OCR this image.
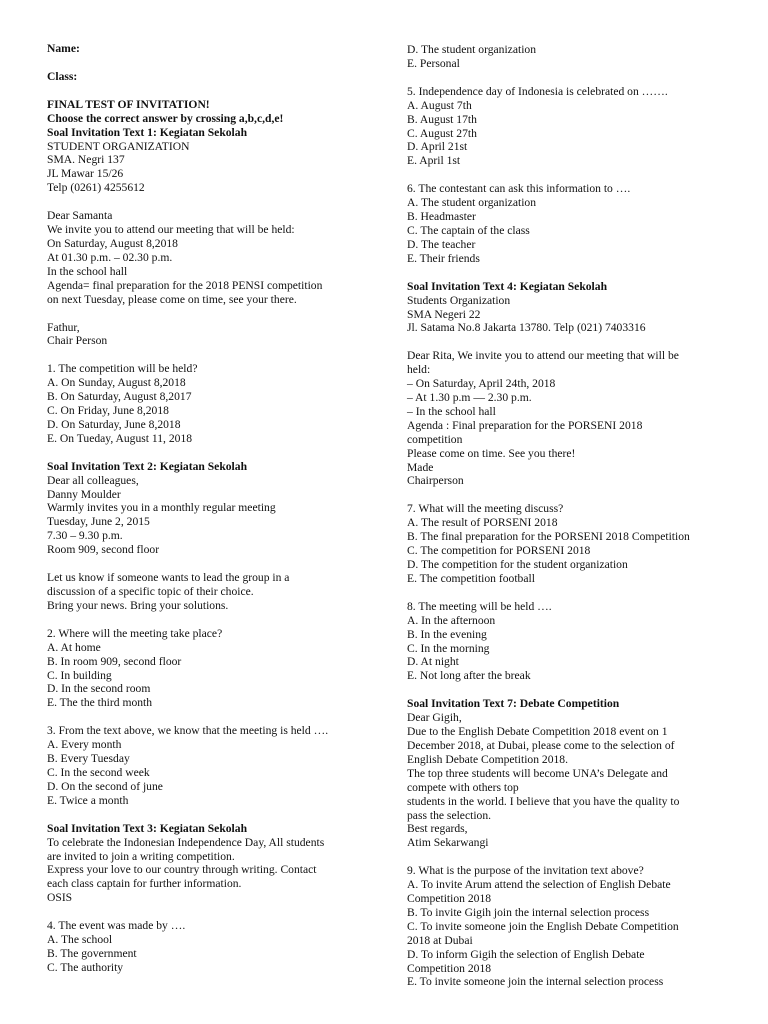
Name:
Class:
FINAL TEST OF INVITATION!
Choose the correct answer by crossing a,b,c,d,e!
Soal Invitation Text 1: Kegiatan Sekolah
STUDENT ORGANIZATION
SMA. Negri 137
JL Mawar 15/26
Telp (0261) 4255612
Dear Samanta
We invite you to attend our meeting that will be held:
On Saturday, August 8,2018
At 01.30 p.m. – 02.30 p.m.
In the school hall
Agenda= final preparation for the 2018 PENSI competition
on next Tuesday, please come on time, see your there.
Fathur,
Chair Person
1. The competition will be held?
A. On Sunday, August 8,2018
B. On Saturday, August 8,2017
C. On Friday, June 8,2018
D. On Saturday, June 8,2018
E. On Tueday, August 11, 2018
Soal Invitation Text 2: Kegiatan Sekolah
Dear all colleagues,
Danny Moulder
Warmly invites you in a monthly regular meeting
Tuesday, June 2, 2015
7.30 – 9.30 p.m.
Room 909, second floor
Let us know if someone wants to lead the group in a
discussion of a specific topic of their choice.
Bring your news. Bring your solutions.
2. Where will the meeting take place?
A. At home
B. In room 909, second floor
C. In building
D. In the second room
E. The the third month
3. From the text above, we know that the meeting is held ….
A. Every month
B. Every Tuesday
C. In the second week
D. On the second of june
E. Twice a month
Soal Invitation Text 3: Kegiatan Sekolah
To celebrate the Indonesian Independence Day, All students
are invited to join a writing competition.
Express your love to our country through writing. Contact
each class captain for further information.
OSIS
4. The event was made by ….
A. The school
B. The government
C. The authority
D. The student organization
E. Personal
5. Independence day of Indonesia is celebrated on …….
A. August 7th
B. August 17th
C. August 27th
D. April 21st
E. April 1st
6. The contestant can ask this information to ….
A. The student organization
B. Headmaster
C. The captain of the class
D. The teacher
E. Their friends
Soal Invitation Text 4: Kegiatan Sekolah
Students Organization
SMA Negeri 22
Jl. Satama No.8 Jakarta 13780. Telp (021) 7403316
Dear Rita, We invite you to attend our meeting that will be
held:
– On Saturday, April 24th, 2018
– At 1.30 p.m — 2.30 p.m.
– In the school hall
Agenda : Final preparation for the PORSENI 2018
competition
Please come on time. See you there!
Made
Chairperson
7. What will the meeting discuss?
A. The result of PORSENI 2018
B. The final preparation for the PORSENI 2018 Competition
C. The competition for PORSENI 2018
D. The competition for the student organization
E. The competition football
8. The meeting will be held ….
A. In the afternoon
B. In the evening
C. In the morning
D. At night
E. Not long after the break
Soal Invitation Text 7: Debate Competition
Dear Gigih,
Due to the English Debate Competition 2018 event on 1
December 2018, at Dubai, please come to the selection of
English Debate Competition 2018.
The top three students will become UNA’s Delegate and
compete with others top
students in the world. I believe that you have the quality to
pass the selection.
Best regards,
Atim Sekarwangi
9. What is the purpose of the invitation text above?
A. To invite Arum attend the selection of English Debate
Competition 2018
B. To invite Gigih join the internal selection process
C. To invite someone join the English Debate Competition
2018 at Dubai
D. To inform Gigih the selection of English Debate
Competition 2018
E. To invite someone join the internal selection process
